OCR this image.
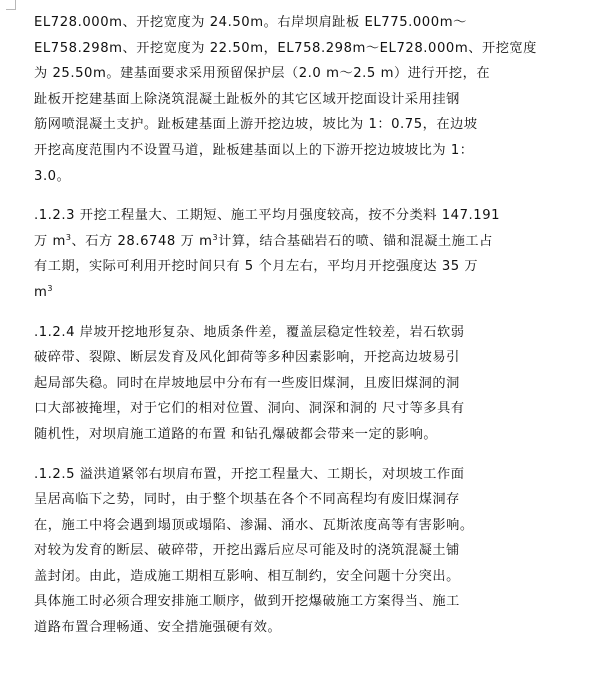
EL728.000m、开挖宽度为 24.50m。右岸坝肩趾板 EL775.000m～
EL758.298m、开挖宽度为 22.50m，EL758.298m～EL728.000m、开挖宽度
为 25.50m。建基面要求采用预留保护层（2.0 m～2.5 m）进行开挖，在
趾板开挖建基面上除浇筑混凝土趾板外的其它区域开挖面设计采用挂钢
筋网喷混凝土支护。趾板建基面上游开挖边坡，坡比为 1：0.75，在边坡
开挖高度范围内不设置马道，趾板建基面以上的下游开挖边坡坡比为 1：
3.0。

.1.2.3 开挖工程量大、工期短、施工平均月强度较高，按不分类料 147.191
万 $m^3$、石方 28.6748 万 $m^3$计算，结合基础岩石的喷、锚和混凝土施工占
有工期，实际可利用开挖时间只有 5 个月左右，平均月开挖强度达 35 万
$m^3$

.1.2.4 岸坡开挖地形复杂、地质条件差，覆盖层稳定性较差，岩石软弱
破碎带、裂隙、断层发育及风化卸荷等多种因素影响，开挖高边坡易引
起局部失稳。同时在岸坡地层中分布有一些废旧煤洞，且废旧煤洞的洞
口大部被掩埋，对于它们的相对位置、洞向、洞深和洞的 尺寸等多具有
随机性，对坝肩施工道路的布置 和钻孔爆破都会带来一定的影响。

.1.2.5 溢洪道紧邻右坝肩布置，开挖工程量大、工期长，对坝坡工作面
呈居高临下之势，同时，由于整个坝基在各个不同高程均有废旧煤洞存
在，施工中将会遇到塌顶或塌陷、渗漏、涌水、瓦斯浓度高等有害影响。
对较为发育的断层、破碎带，开挖出露后应尽可能及时的浇筑混凝土铺
盖封闭。由此，造成施工期相互影响、相互制约，安全问题十分突出。
具体施工时必须合理安排施工顺序，做到开挖爆破施工方案得当、施工
道路布置合理畅通、安全措施强硬有效。
